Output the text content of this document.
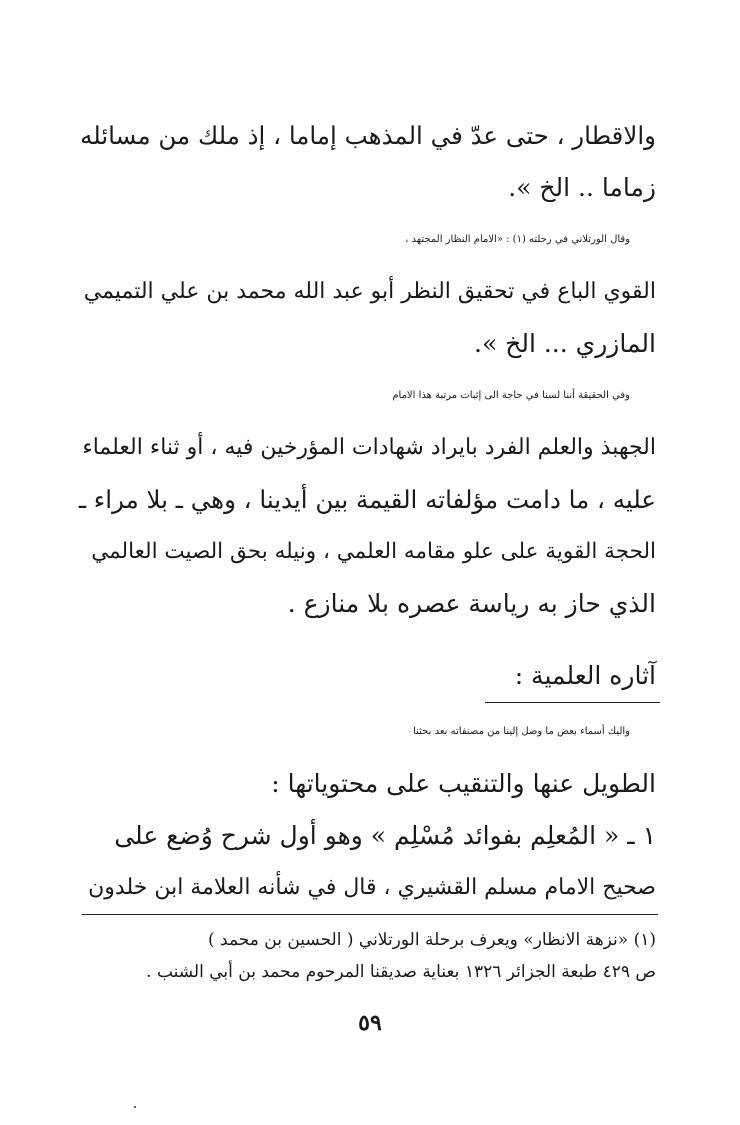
والاقطار ، حتى عدّ في المذهب إماما ، إذ ملك من مسائله
زماما .. الخ ».
وقال الورتلاني في رحلته (١) : «الامام النظار المجتهد ،
القوي الباع في تحقيق النظر أبو عبد الله محمد بن علي التميمي
المازري ... الخ ».
وفي الحقيقة أننا لسنا في حاجة الى إثبات مرتبة هذا الامام
الجهبذ والعلم الفرد بايراد شهادات المؤرخين فيه ، أو ثناء العلماء
عليه ، ما دامت مؤلفاته القيمة بين أيدينا ، وهي ـ بلا مراء ـ
الحجة القوية على علو مقامه العلمي ، ونيله بحق الصيت العالمي
الذي حاز به رياسة عصره بلا منازع .
آثاره العلمية :
واليك أسماء بعض ما وصل إلينا من مصنفاته بعد بحثنا
الطويل عنها والتنقيب على محتوياتها :
١ ـ « المُعلِم بفوائد مُسْلِم » وهو أول شرح وُضع على
صحيح الامام مسلم القشيري ، قال في شأنه العلامة ابن خلدون
(١) «نزهة الانظار» ويعرف برحلة الورتلاني ( الحسين بن محمد )
ص ٤٢٩ طبعة الجزائر ١٣٢٦ بعناية صديقنا المرحوم محمد بن أبي الشنب .
٥٩
